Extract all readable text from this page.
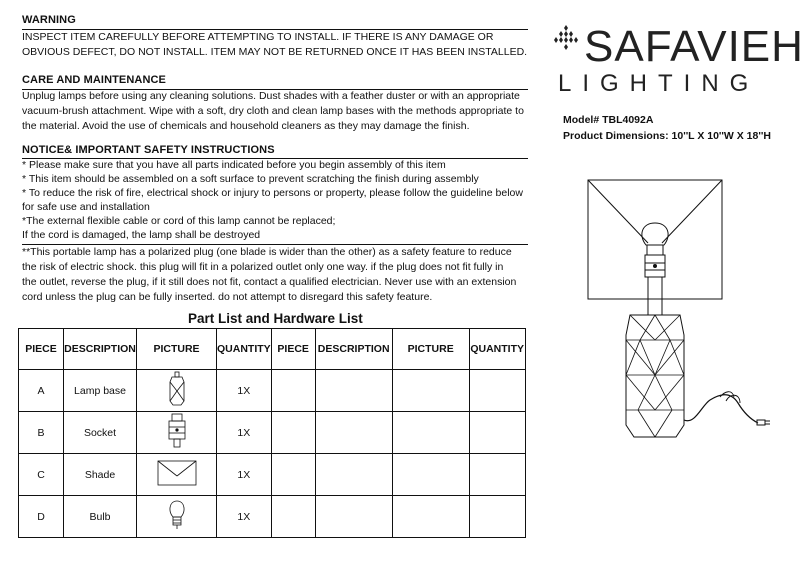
WARNING
INSPECT ITEM CAREFULLY BEFORE ATTEMPTING TO INSTALL. IF THERE IS ANY DAMAGE OR
OBVIOUS DEFECT, DO NOT INSTALL. ITEM MAY NOT BE RETURNED ONCE IT HAS BEEN INSTALLED.
CARE AND MAINTENANCE
Unplug lamps before using any cleaning solutions. Dust shades with a feather duster or with an appropriate
vacuum-brush attachment. Wipe with a soft, dry cloth and clean lamp bases with the methods appropriate to
the material. Avoid the use of chemicals and household cleaners as they may damage the finish.
NOTICE& IMPORTANT SAFETY INSTRUCTIONS
* Please make sure that you have all parts indicated before you begin assembly of this item
* This item should be assembled on a soft surface to prevent scratching the finish during assembly
* To reduce the risk of fire, electrical shock or injury to persons or property, please follow the guideline below
for safe use and installation
*The external flexible cable or cord of this lamp cannot be replaced;
If the cord is damaged, the lamp shall be destroyed
**This portable lamp has a polarized plug (one blade is wider than the other) as a safety feature to reduce
the risk of electric shock. this plug will fit in a polarized outlet only one way. if the plug does not fit fully in
the outlet, reverse the plug, if it still does not fit, contact a qualified electrician. Never use with an extension
cord unless the plug can be fully inserted. do not attempt to disregard this safety feature.
SAFAVIEH
LIGHTING
Model# TBL4092A
Product Dimensions: 10''L X 10''W X 18''H
Part List and Hardware List
PIECE	DESCRIPTION	PICTURE	QUANTITY	PIECE	DESCRIPTION	PICTURE	QUANTITY
A	Lamp base		1X				
B	Socket		1X				
C	Shade		1X				
D	Bulb		1X				
